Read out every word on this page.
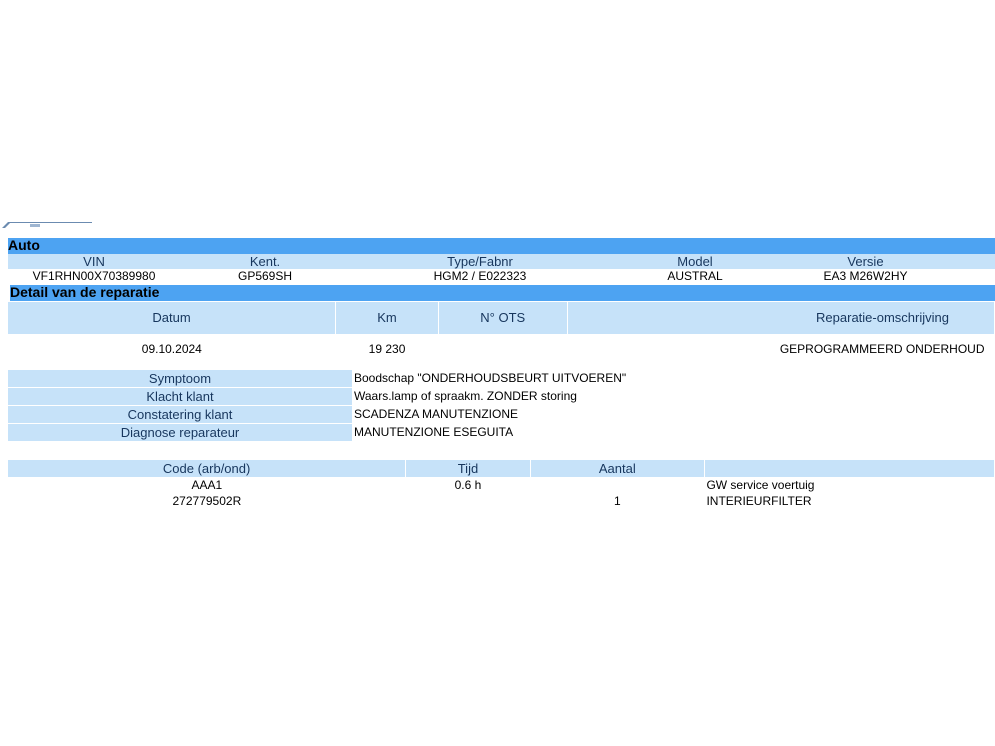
Auto
VIN	Kent.	Type/Fabnr	Model	Versie	
VF1RHN00X70389980	GP569SH	HGM2 / E022323	AUSTRAL	EA3 M26W2HY	
Detail van de reparatie
Datum	Km	N° OTS	Reparatie-omschrijving
09.10.2024	19 230		GEPROGRAMMEERD ONDERHOUD
Symptoom	Boodschap "ONDERHOUDSBEURT UITVOEREN"
Klacht klant	Waars.lamp of spraakm. ZONDER storing
Constatering klant	SCADENZA MANUTENZIONE
Diagnose reparateur	MANUTENZIONE ESEGUITA
Code (arb/ond)	Tijd	Aantal	
AAA1	0.6 h		GW service voertuig
272779502R		1	INTERIEURFILTER
